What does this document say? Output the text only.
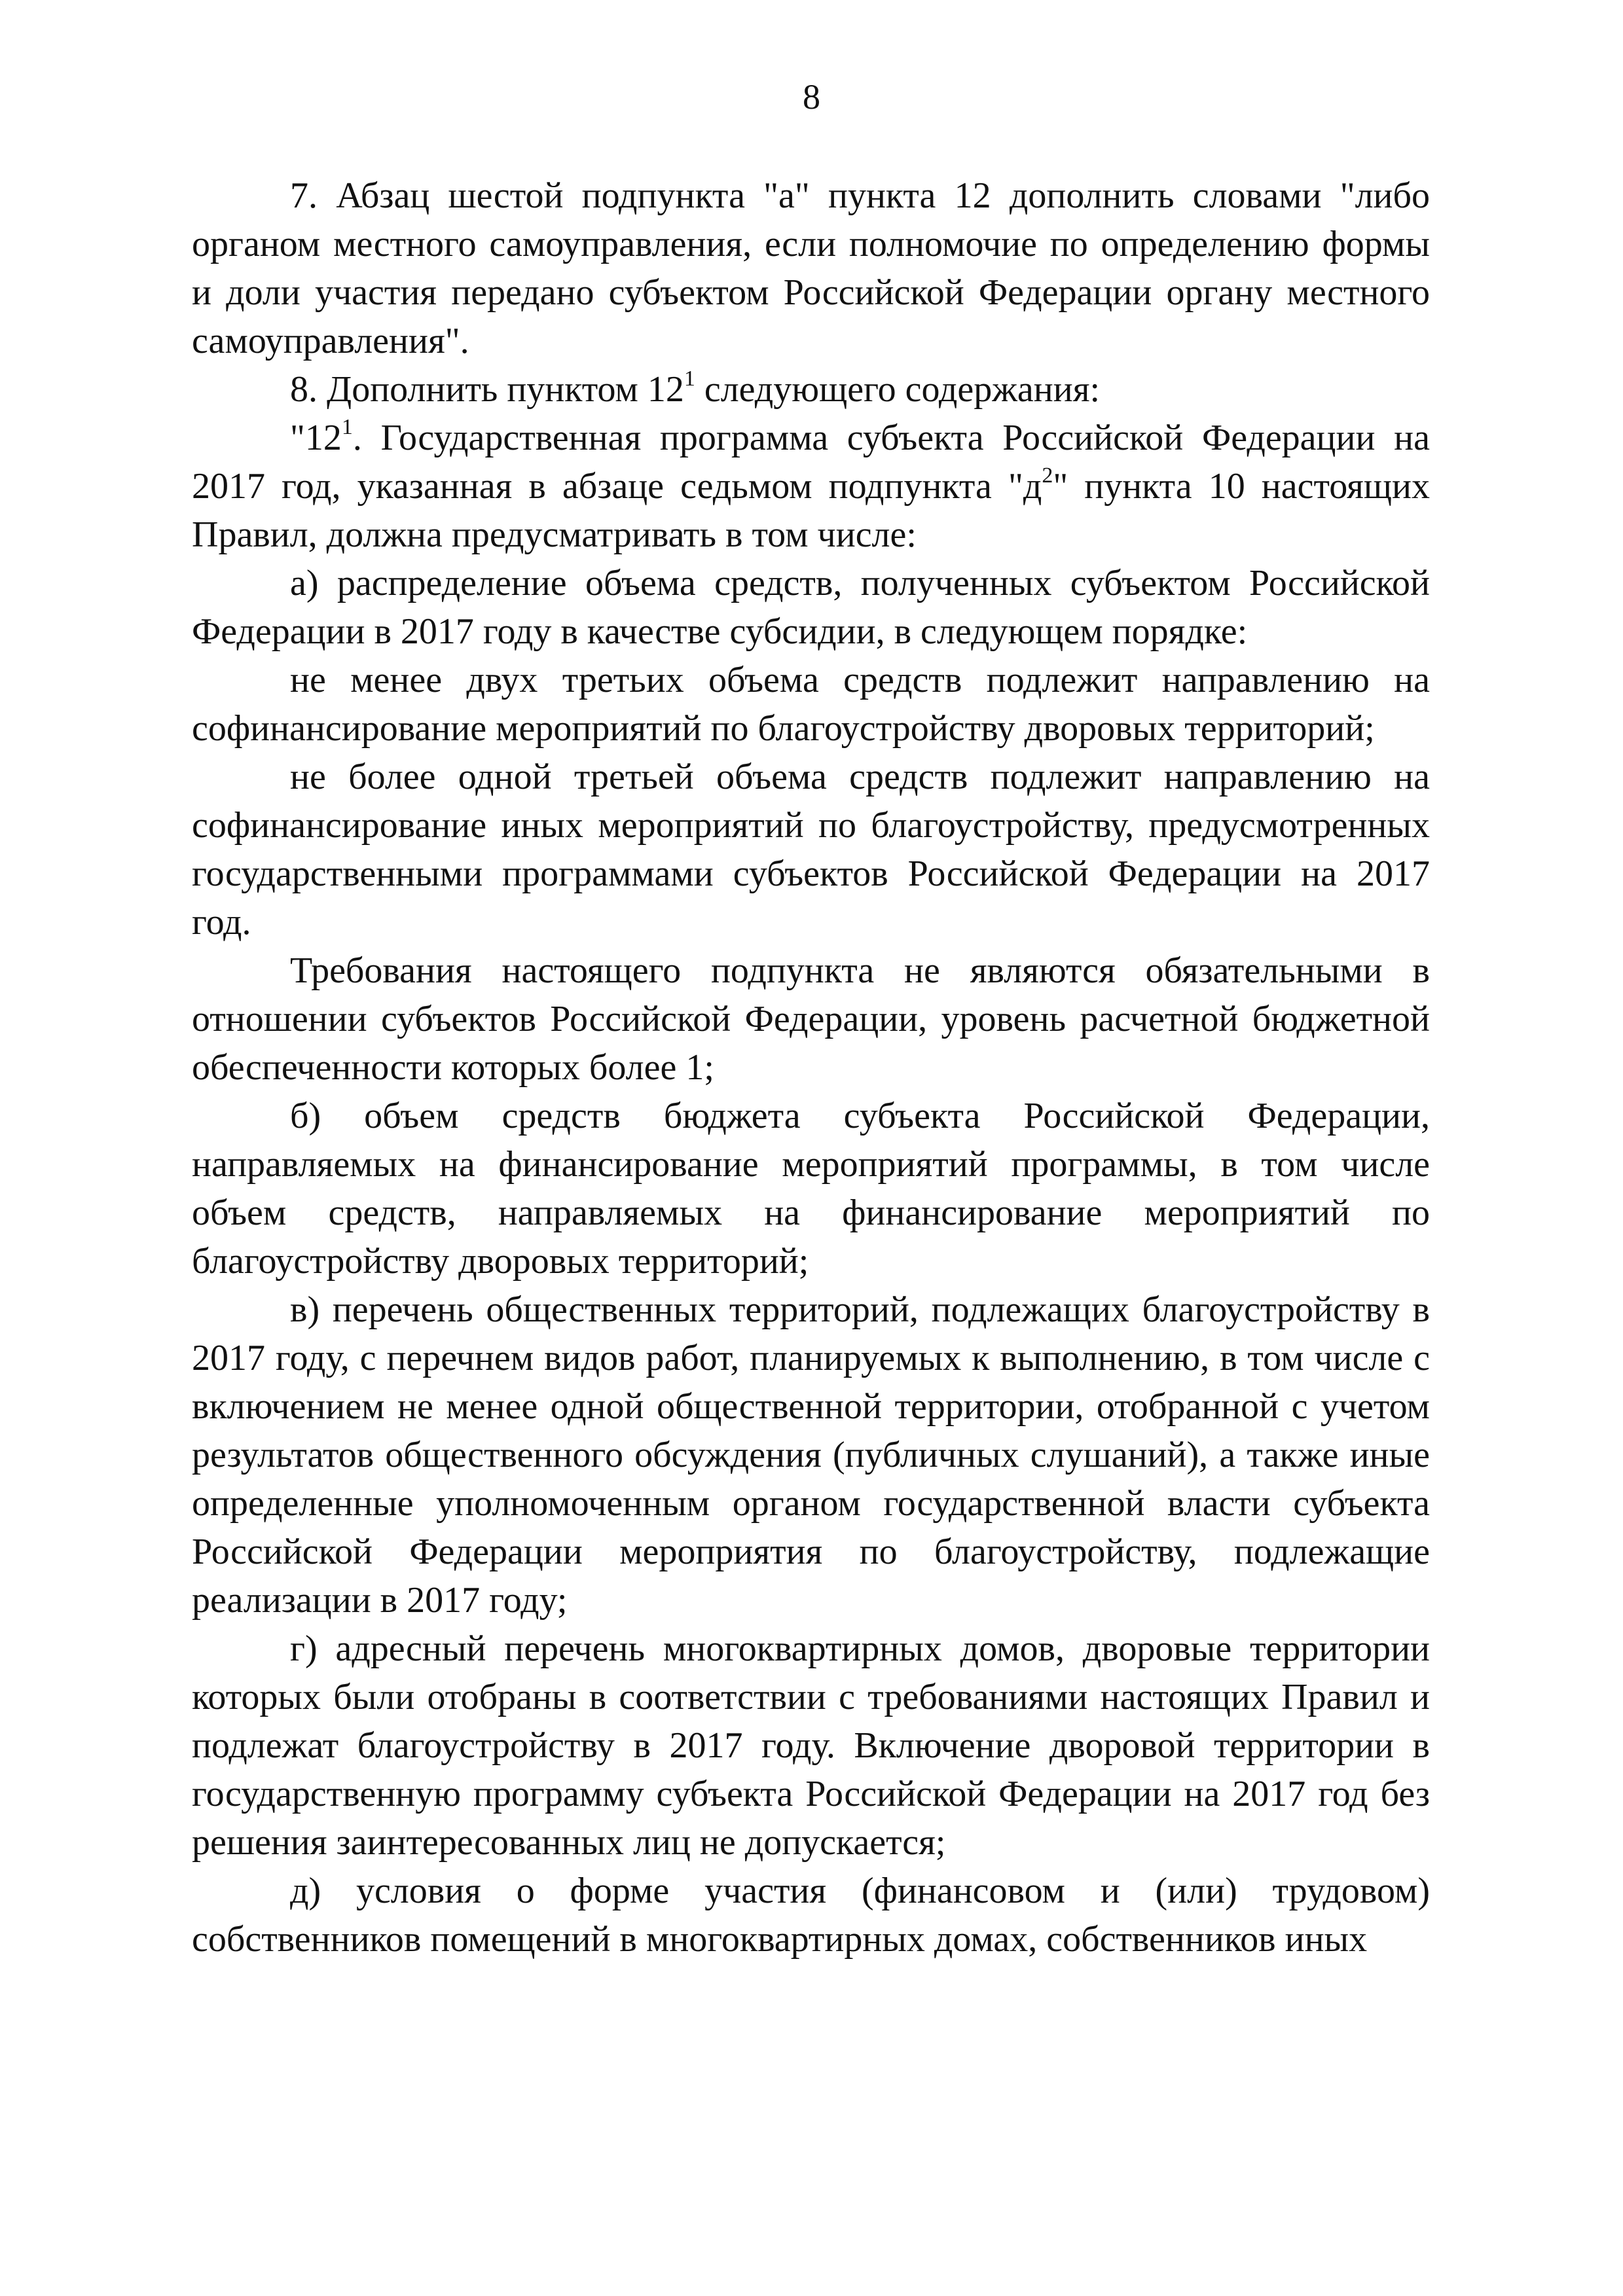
8

7. Абзац шестой подпункта "а" пункта 12 дополнить словами "либо органом местного самоуправления, если полномочие по определению формы и доли участия передано субъектом Российской Федерации органу местного самоуправления".

8. Дополнить пунктом $12^1$ следующего содержания:

"$12^1$. Государственная программа субъекта Российской Федерации на 2017 год, указанная в абзаце седьмом подпункта "$д^2$" пункта 10 настоящих Правил, должна предусматривать в том числе:

а) распределение объема средств, полученных субъектом Российской Федерации в 2017 году в качестве субсидии, в следующем порядке:

не менее двух третьих объема средств подлежит направлению на софинансирование мероприятий по благоустройству дворовых территорий;

не более одной третьей объема средств подлежит направлению на софинансирование иных мероприятий по благоустройству, предусмотренных государственными программами субъектов Российской Федерации на 2017 год.

Требования настоящего подпункта не являются обязательными в отношении субъектов Российской Федерации, уровень расчетной бюджетной обеспеченности которых более 1;

б) объем средств бюджета субъекта Российской Федерации, направляемых на финансирование мероприятий программы, в том числе объем средств, направляемых на финансирование мероприятий по благоустройству дворовых территорий;

в) перечень общественных территорий, подлежащих благоустройству в 2017 году, с перечнем видов работ, планируемых к выполнению, в том числе с включением не менее одной общественной территории, отобранной с учетом результатов общественного обсуждения (публичных слушаний), а также иные определенные уполномоченным органом государственной власти субъекта Российской Федерации мероприятия по благоустройству, подлежащие реализации в 2017 году;

г) адресный перечень многоквартирных домов, дворовые территории которых были отобраны в соответствии с требованиями настоящих Правил и подлежат благоустройству в 2017 году. Включение дворовой территории в государственную программу субъекта Российской Федерации на 2017 год без решения заинтересованных лиц не допускается;

д) условия о форме участия (финансовом и (или) трудовом) собственников помещений в многоквартирных домах, собственников иных
